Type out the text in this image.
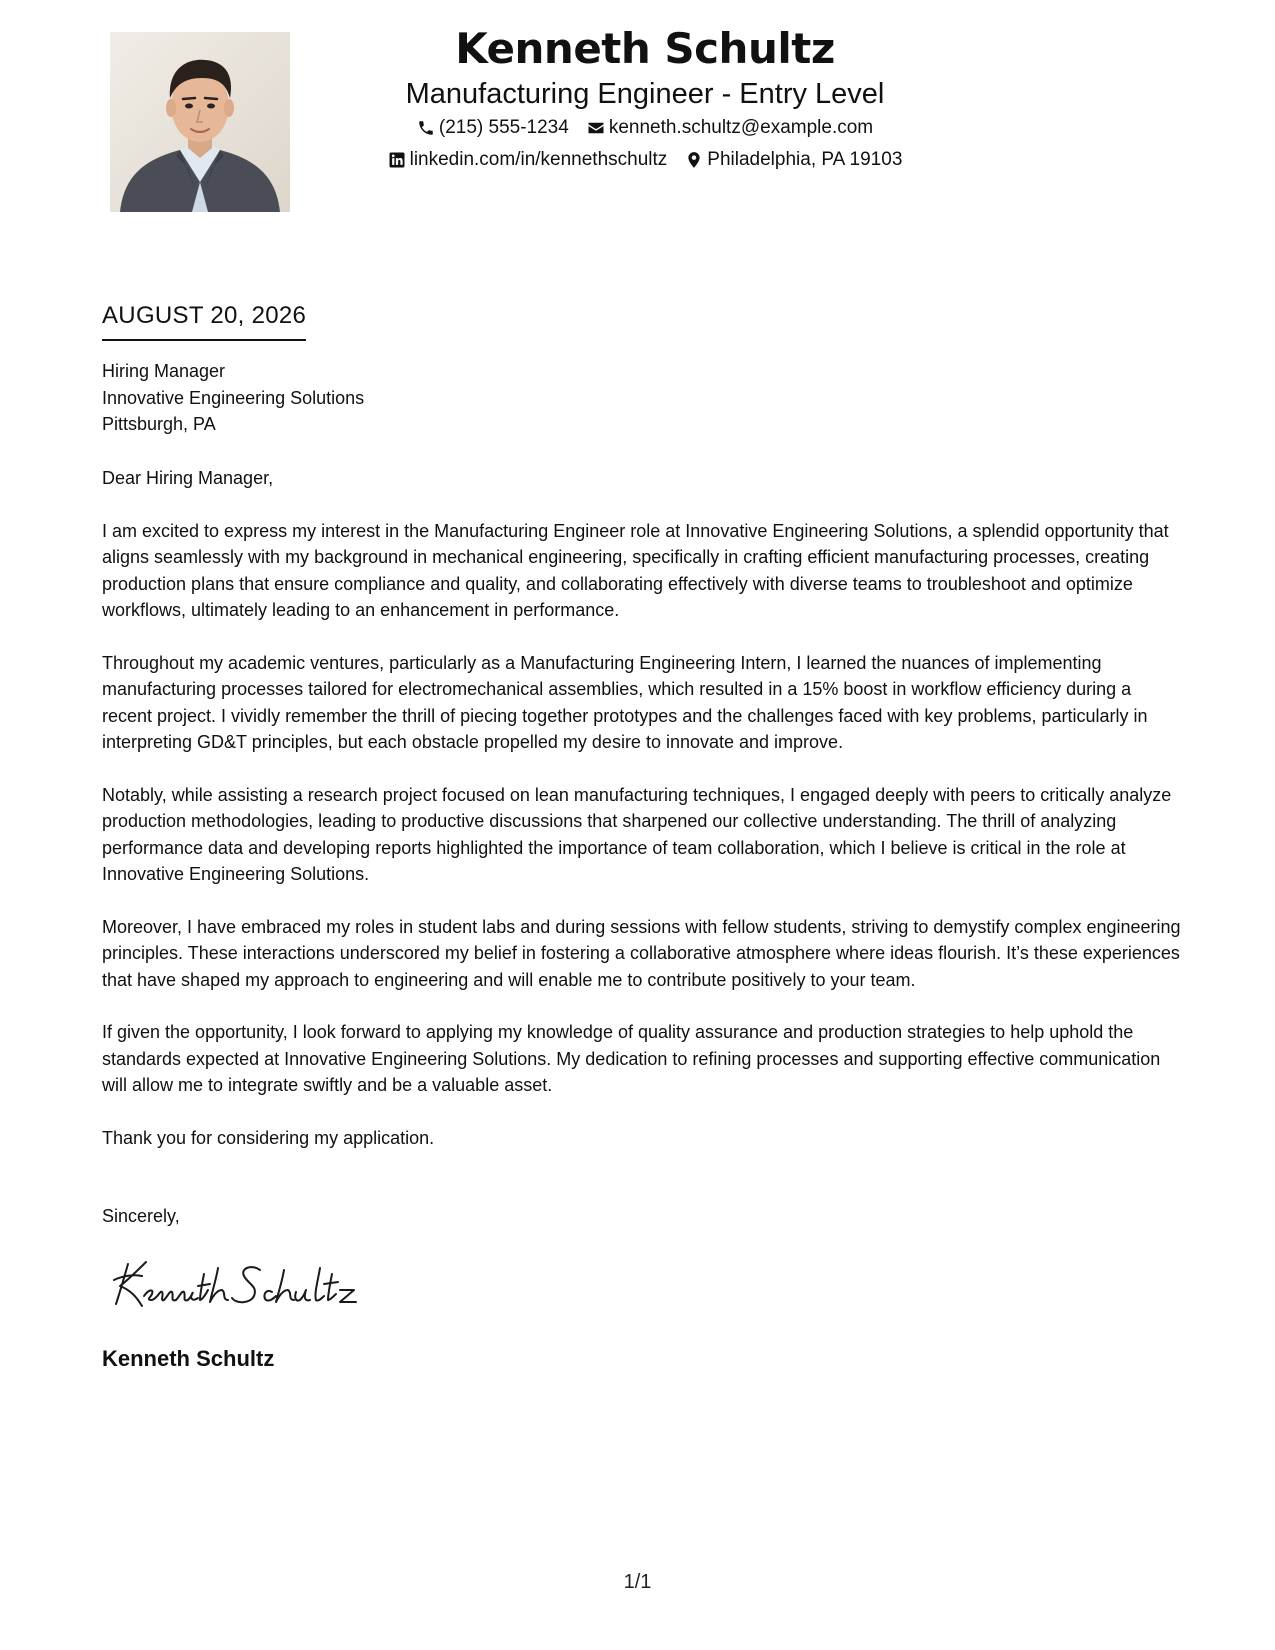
Kenneth Schultz
Manufacturing Engineer - Entry Level
(215) 555-1234 kenneth.schultz@example.com
linkedin.com/in/kennethschultz Philadelphia, PA 19103
AUGUST 20, 2026
Hiring Manager
Innovative Engineering Solutions
Pittsburgh, PA

Dear Hiring Manager,

I am excited to express my interest in the Manufacturing Engineer role at Innovative Engineering Solutions, a splendid opportunity that aligns seamlessly with my background in mechanical engineering, specifically in crafting efficient manufacturing processes, creating production plans that ensure compliance and quality, and collaborating effectively with diverse teams to troubleshoot and optimize workflows, ultimately leading to an enhancement in performance.

Throughout my academic ventures, particularly as a Manufacturing Engineering Intern, I learned the nuances of implementing manufacturing processes tailored for electromechanical assemblies, which resulted in a 15% boost in workflow efficiency during a recent project. I vividly remember the thrill of piecing together prototypes and the challenges faced with key problems, particularly in interpreting GD&T principles, but each obstacle propelled my desire to innovate and improve.

Notably, while assisting a research project focused on lean manufacturing techniques, I engaged deeply with peers to critically analyze production methodologies, leading to productive discussions that sharpened our collective understanding. The thrill of analyzing performance data and developing reports highlighted the importance of team collaboration, which I believe is critical in the role at Innovative Engineering Solutions.

Moreover, I have embraced my roles in student labs and during sessions with fellow students, striving to demystify complex engineering principles. These interactions underscored my belief in fostering a collaborative atmosphere where ideas flourish. It’s these experiences that have shaped my approach to engineering and will enable me to contribute positively to your team.

If given the opportunity, I look forward to applying my knowledge of quality assurance and production strategies to help uphold the standards expected at Innovative Engineering Solutions. My dedication to refining processes and supporting effective communication will allow me to integrate swiftly and be a valuable asset.

Thank you for considering my application.

Sincerely,
Kenneth Schultz
1/1
